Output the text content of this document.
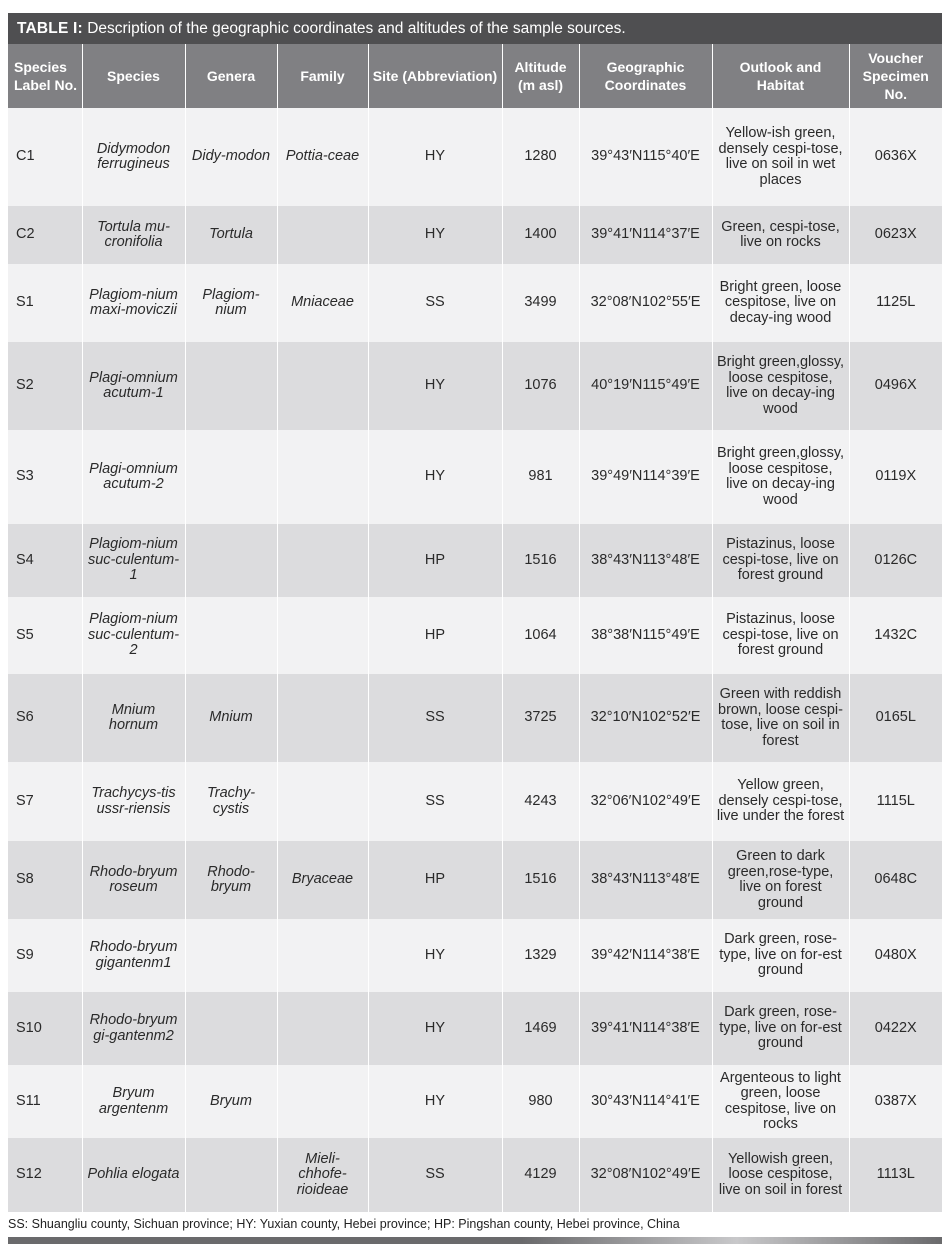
TABLE I: Description of the geographic coordinates and altitudes of the sample sources.
Species Label No.	Species	Genera	Family	Site (Abbreviation)	Altitude (m asl)	Geographic Coordinates	Outlook and Habitat	Voucher Specimen No.
C1	Didymodon ferrugineus	Didy-modon	Pottia-ceae	HY	1280	39°43′N115°40′E	Yellow-ish green, densely cespi-tose, live on soil in wet places	0636X
C2	Tortula mu-cronifolia	Tortula		HY	1400	39°41′N114°37′E	Green, cespi-tose, live on rocks	0623X
S1	Plagiom-nium maxi-moviczii	Plagiom-nium	Mniaceae	SS	3499	32°08′N102°55′E	Bright green, loose cespitose, live on decay-ing wood	1125L
S2	Plagi-omnium acutum-1			HY	1076	40°19′N115°49′E	Bright green,glossy, loose cespitose, live on decay-ing wood	0496X
S3	Plagi-omnium acutum-2			HY	981	39°49′N114°39′E	Bright green,glossy, loose cespitose, live on decay-ing wood	0119X
S4	Plagiom-nium suc-culentum-1			HP	1516	38°43′N113°48′E	Pistazinus, loose cespi-tose, live on forest ground	0126C
S5	Plagiom-nium suc-culentum-2			HP	1064	38°38′N115°49′E	Pistazinus, loose cespi-tose, live on forest ground	1432C
S6	Mnium hornum	Mnium		SS	3725	32°10′N102°52′E	Green with reddish brown, loose cespi-tose, live on soil in forest	0165L
S7	Trachycys-tis ussr-riensis	Trachy-cystis		SS	4243	32°06′N102°49′E	Yellow green, densely cespi-tose, live under the forest	1115L
S8	Rhodo-bryum roseum	Rhodo-bryum	Bryaceae	HP	1516	38°43′N113°48′E	Green to dark green,rose-type, live on forest ground	0648C
S9	Rhodo-bryum gigantenm1			HY	1329	39°42′N114°38′E	Dark green, rose-type, live on for-est ground	0480X
S10	Rhodo-bryum gi-gantenm2			HY	1469	39°41′N114°38′E	Dark green, rose-type, live on for-est ground	0422X
S11	Bryum argentenm	Bryum		HY	980	30°43′N114°41′E	Argenteous to light green, loose cespitose, live on rocks	0387X
S12	Pohlia elogata		Mieli-chhofe-rioideae	SS	4129	32°08′N102°49′E	Yellowish green, loose cespitose, live on soil in forest	1113L
SS: Shuangliu county, Sichuan province; HY: Yuxian county, Hebei province; HP: Pingshan county, Hebei province, China
